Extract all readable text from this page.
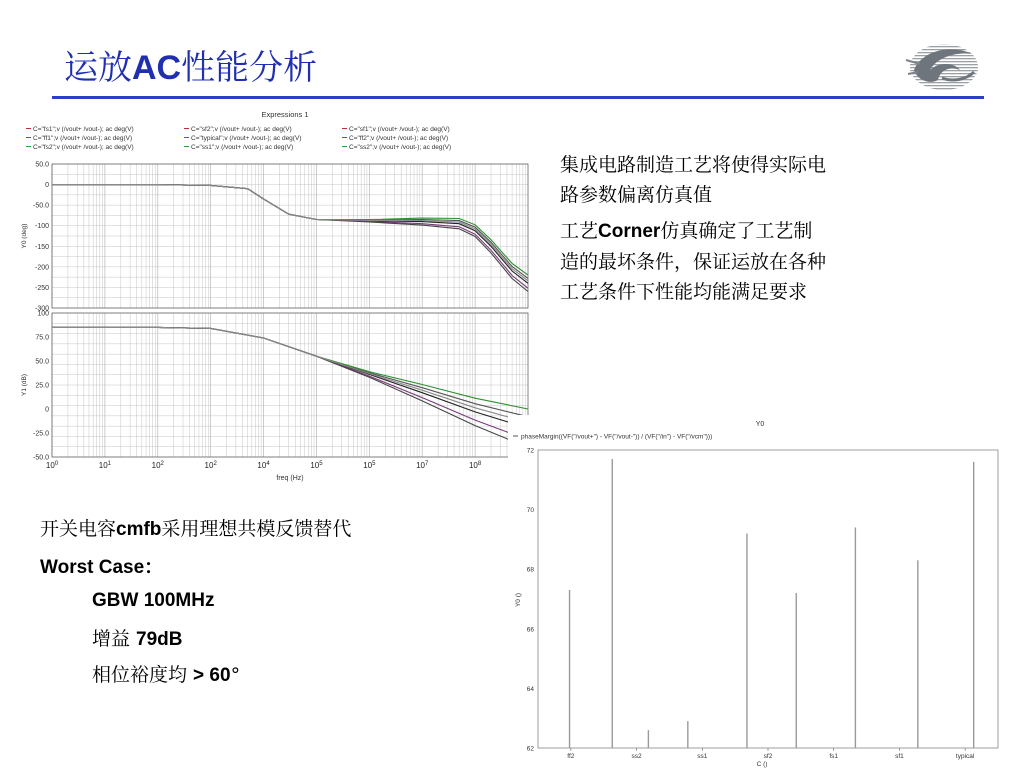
运放AC性能分析
Expressions 1
C="fs1";v (/vout+ /vout-); ac deg(V)
C="ff1";v (/vout+ /vout-); ac deg(V)
C="fs2";v (/vout+ /vout-); ac deg(V)
C="sf2";v (/vout+ /vout-); ac deg(V)
C="typical";v (/vout+ /vout-); ac deg(V)
C="ss1";v (/vout+ /vout-); ac deg(V)
C="sf1";v (/vout+ /vout-); ac deg(V)
C="ff2";v (/vout+ /vout-); ac deg(V)
C="ss2";v (/vout+ /vout-); ac deg(V)
50.0
0
-50.0
-100
-150
-200
-250
-300
Y0 (deg)
100
75.0
50.0
25.0
0
-25.0
-50.0
Y1 (dB)
$10^0$	$10^1$	$10^2$	$10^2$	$10^4$	$10^5$	$10^5$	$10^7$	$10^8$
freq (Hz)
Y0
phaseMargin((VF("/vout+") - VF("/vout-")) / (VF("/in") - VF("/vcm")))
72
70
68
66
64
62
Y0 ()
ff2	ss2	ss1	sf2	fs1	sf1	typical
C ()
集成电路制造工艺将使得实际电
路参数偏离仿真值
工艺Corner仿真确定了工艺制
造的最坏条件，保证运放在各种
工艺条件下性能均能满足要求
开关电容cmfb采用理想共模反馈替代
Worst Case：
GBW 100MHz
增益 79dB
相位裕度均 > 60°
